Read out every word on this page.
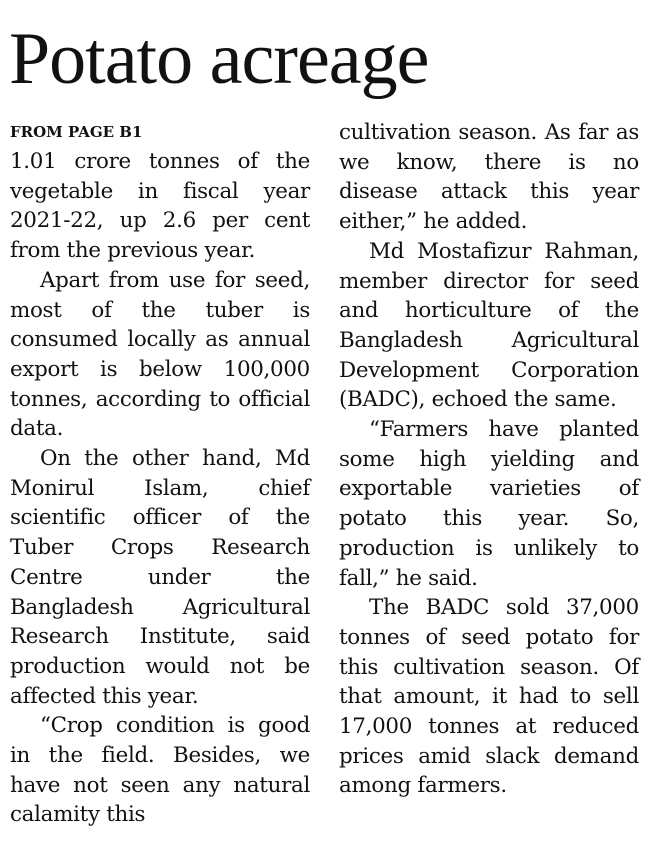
Potato acreage
FROM PAGE B1

1.01 crore tonnes of the vegetable in fiscal year 2021-22, up 2.6 per cent from the previous year.

Apart from use for seed, most of the tuber is consumed locally as annual export is below 100,000 tonnes, according to official data.

On the other hand, Md Monirul Islam, chief scientific officer of the Tuber Crops Research Centre under the Bangladesh Agricultural Research Institute, said production would not be affected this year.

“Crop condition is good in the field. Besides, we have not seen any natural calamity this

cultivation season. As far as we know, there is no disease attack this year either,” he added.

Md Mostafizur Rahman, member director for seed and horticulture of the Bangladesh Agricultural Development Corporation (BADC), echoed the same.

“Farmers have planted some high yielding and exportable varieties of potato this year. So, production is unlikely to fall,” he said.

The BADC sold 37,000 tonnes of seed potato for this cultivation season. Of that amount, it had to sell 17,000 tonnes at reduced prices amid slack demand among farmers.
